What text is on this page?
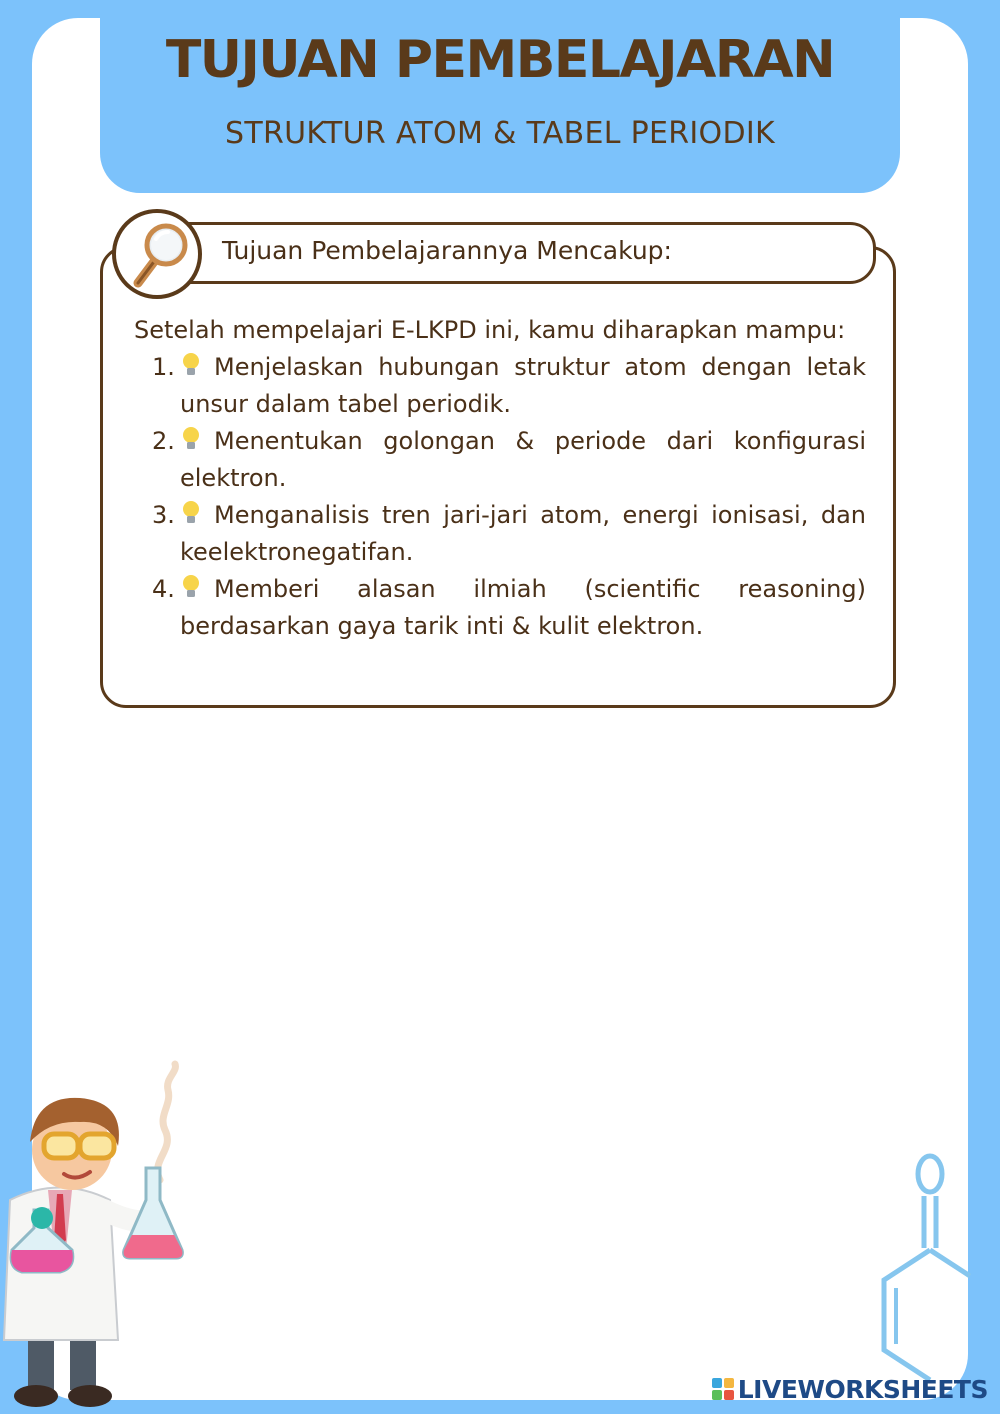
TUJUAN PEMBELAJARAN
STRUKTUR ATOM & TABEL PERIODIK
Tujuan Pembelajarannya Mencakup:
Setelah mempelajari E-LKPD ini, kamu diharapkan mampu:
1. Menjelaskan hubungan struktur atom dengan letak unsur dalam tabel periodik.
2. Menentukan golongan & periode dari konfigurasi elektron.
3. Menganalisis tren jari-jari atom, energi ionisasi, dan keelektronegatifan.
4. Memberi alasan ilmiah (scientific reasoning) berdasarkan gaya tarik inti & kulit elektron.
LIVEWORKSHEETS
